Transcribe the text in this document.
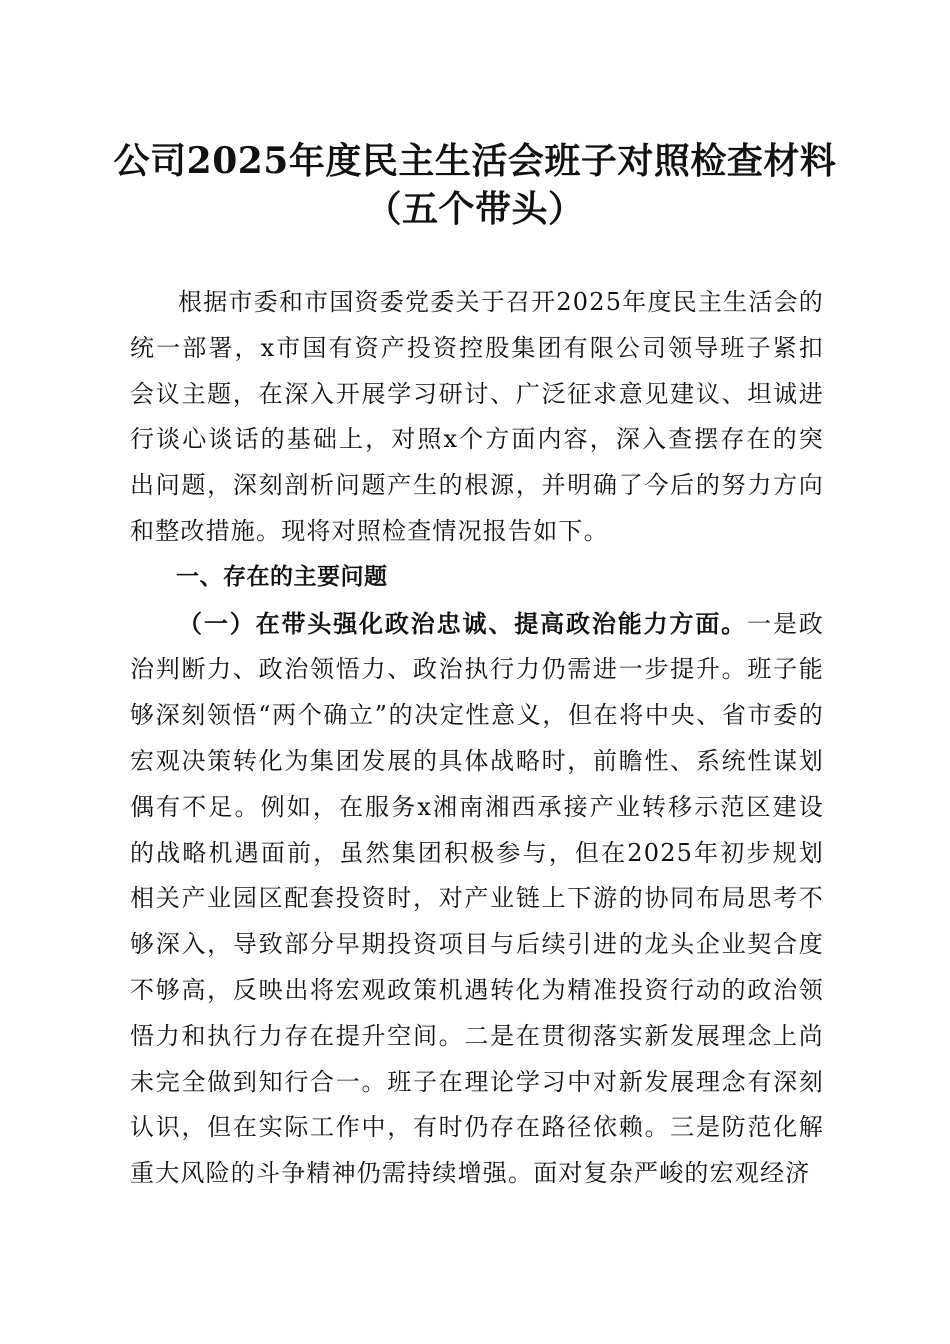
公司2025年度民主生活会班子对照检查材料

（五个带头）

根据市委和市国资委党委关于召开2025年度民主生活会的统一部署，x市国有资产投资控股集团有限公司领导班子紧扣会议主题，在深入开展学习研讨、广泛征求意见建议、坦诚进行谈心谈话的基础上，对照x个方面内容，深入查摆存在的突出问题，深刻剖析问题产生的根源，并明确了今后的努力方向和整改措施。现将对照检查情况报告如下。

一、存在的主要问题

（一）在带头强化政治忠诚、提高政治能力方面。一是政治判断力、政治领悟力、政治执行力仍需进一步提升。班子能够深刻领悟“两个确立”的决定性意义，但在将中央、省市委的宏观决策转化为集团发展的具体战略时，前瞻性、系统性谋划偶有不足。例如，在服务x湘南湘西承接产业转移示范区建设的战略机遇面前，虽然集团积极参与，但在2025年初步规划相关产业园区配套投资时，对产业链上下游的协同布局思考不够深入，导致部分早期投资项目与后续引进的龙头企业契合度不够高，反映出将宏观政策机遇转化为精准投资行动的政治领悟力和执行力存在提升空间。二是在贯彻落实新发展理念上尚未完全做到知行合一。班子在理论学习中对新发展理念有深刻认识，但在实际工作中，有时仍存在路径依赖。三是防范化解重大风险的斗争精神仍需持续增强。面对复杂严峻的宏观经济
